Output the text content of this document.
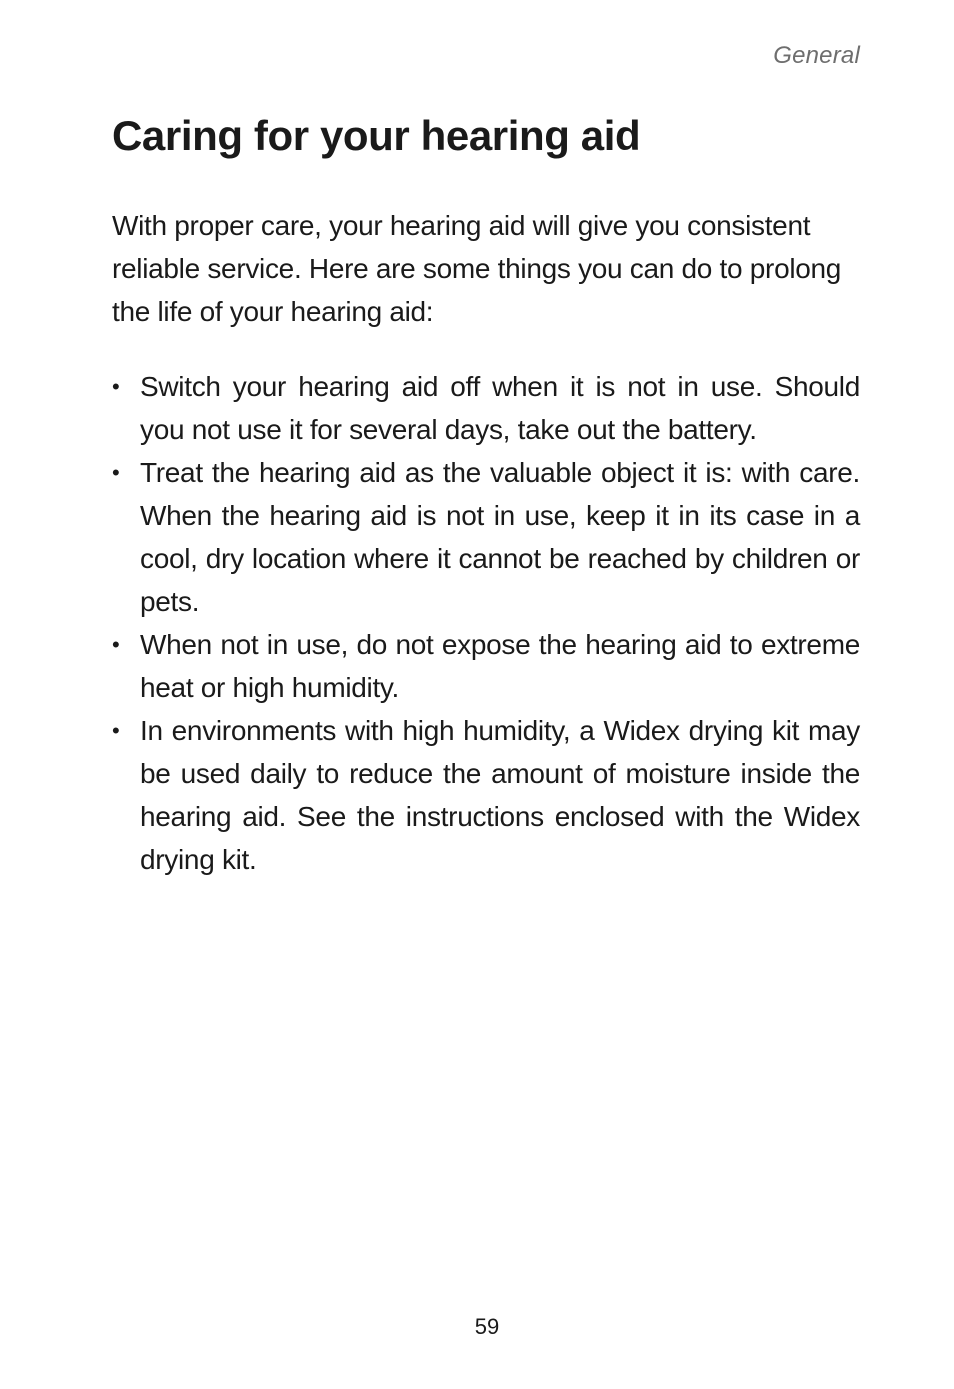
General
Caring for your hearing aid

With proper care, your hearing aid will give you consistent reliable service. Here are some things you can do to prolong the life of your hearing aid:

• Switch your hearing aid off when it is not in use. Should you not use it for several days, take out the battery.
• Treat the hearing aid as the valuable object it is: with care. When the hearing aid is not in use, keep it in its case in a cool, dry location where it cannot be reached by children or pets.
• When not in use, do not expose the hearing aid to extreme heat or high humidity.
• In environments with high humidity, a Widex drying kit may be used daily to reduce the amount of moisture inside the hearing aid. See the instructions enclosed with the Widex drying kit.
59
